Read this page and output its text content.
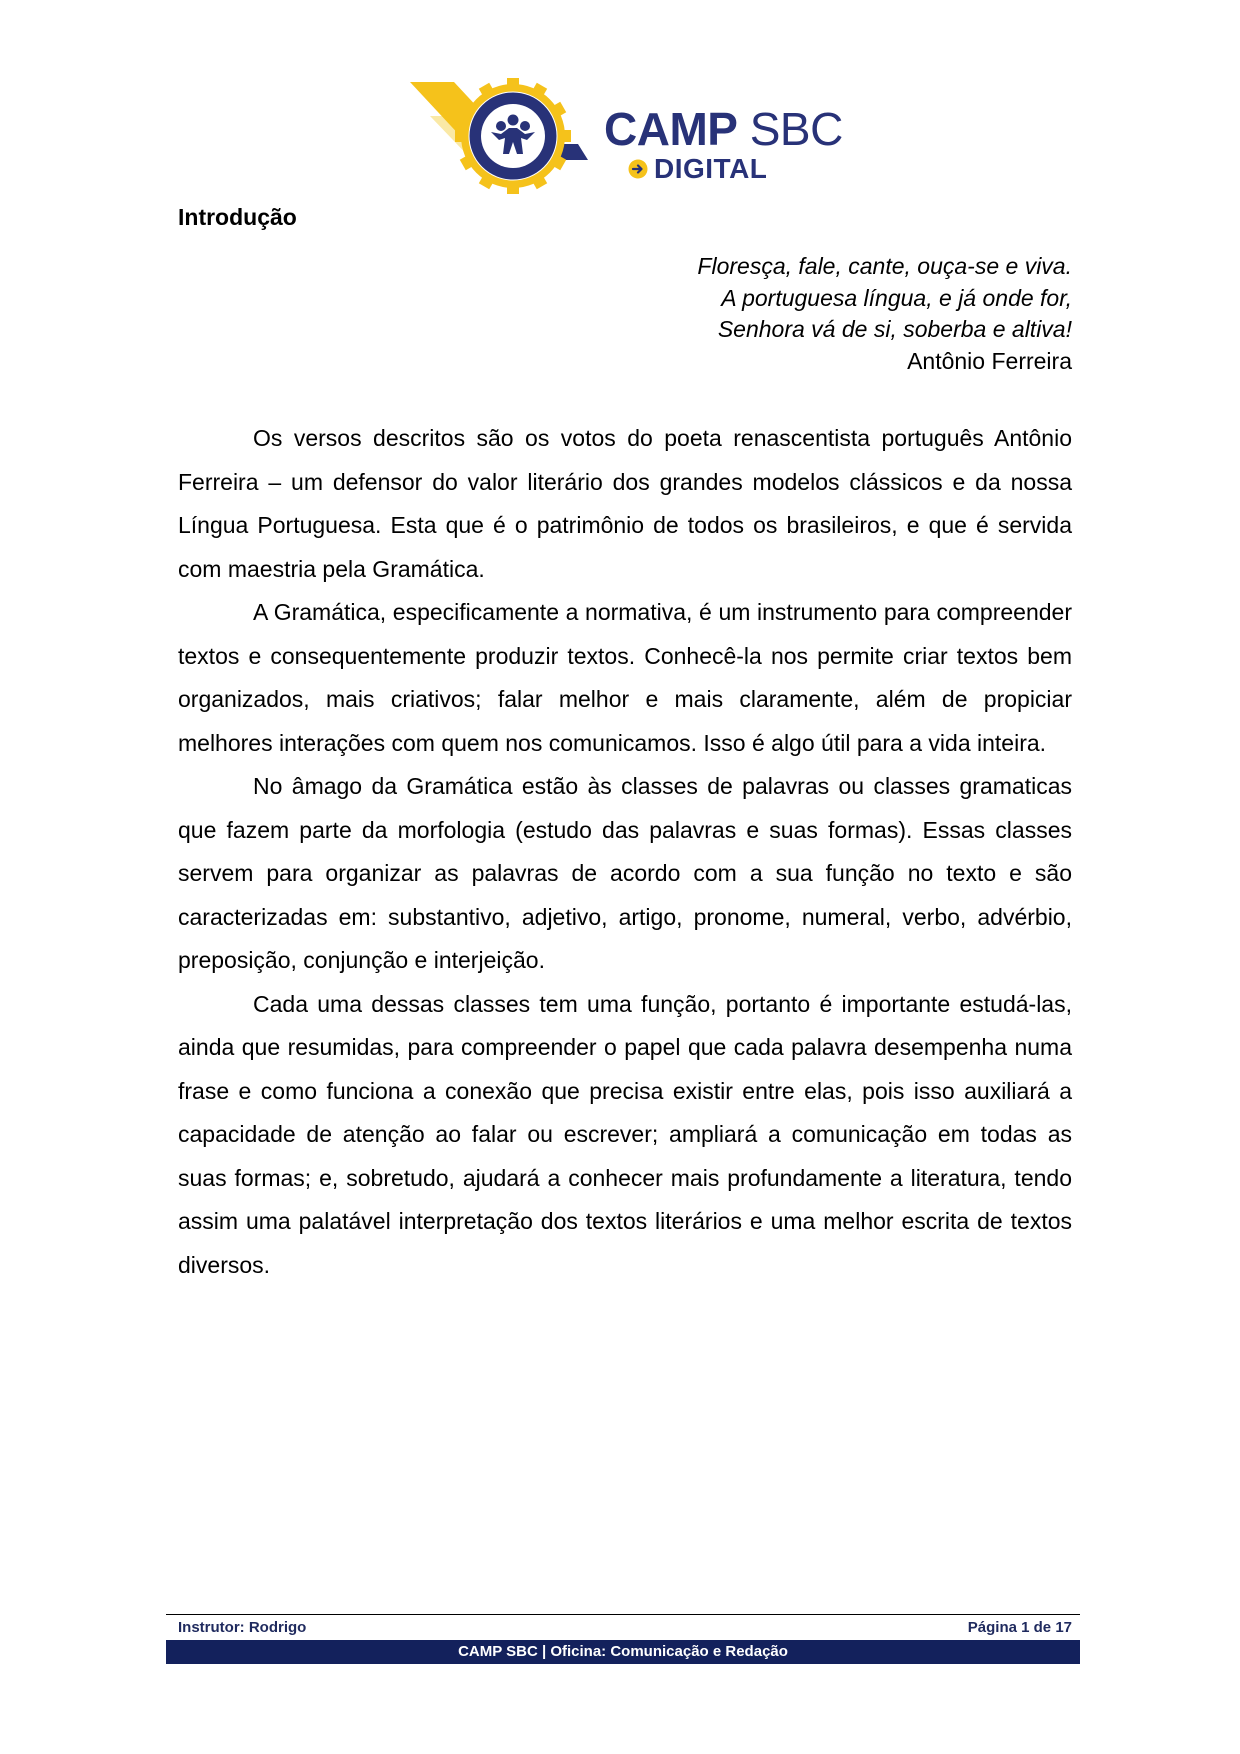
CAMP SBC
DIGITAL
Introdução
Floresça, fale, cante, ouça-se e viva.
A portuguesa língua, e já onde for,
Senhora vá de si, soberba e altiva!
Antônio Ferreira

Os versos descritos são os votos do poeta renascentista português Antônio Ferreira – um defensor do valor literário dos grandes modelos clássicos e da nossa Língua Portuguesa. Esta que é o patrimônio de todos os brasileiros, e que é servida com maestria pela Gramática.

A Gramática, especificamente a normativa, é um instrumento para compreender textos e consequentemente produzir textos. Conhecê-la nos permite criar textos bem organizados, mais criativos; falar melhor e mais claramente, além de propiciar melhores interações com quem nos comunicamos. Isso é algo útil para a vida inteira.

No âmago da Gramática estão às classes de palavras ou classes gramaticas que fazem parte da morfologia (estudo das palavras e suas formas). Essas classes servem para organizar as palavras de acordo com a sua função no texto e são caracterizadas em: substantivo, adjetivo, artigo, pronome, numeral, verbo, advérbio, preposição, conjunção e interjeição.

Cada uma dessas classes tem uma função, portanto é importante estudá-las, ainda que resumidas, para compreender o papel que cada palavra desempenha numa frase e como funciona a conexão que precisa existir entre elas, pois isso auxiliará a capacidade de atenção ao falar ou escrever; ampliará a comunicação em todas as suas formas; e, sobretudo, ajudará a conhecer mais profundamente a literatura, tendo assim uma palatável interpretação dos textos literários e uma melhor escrita de textos diversos.

Instrutor: Rodrigo	Página 1 de 17
CAMP SBC | Oficina: Comunicação e Redação
